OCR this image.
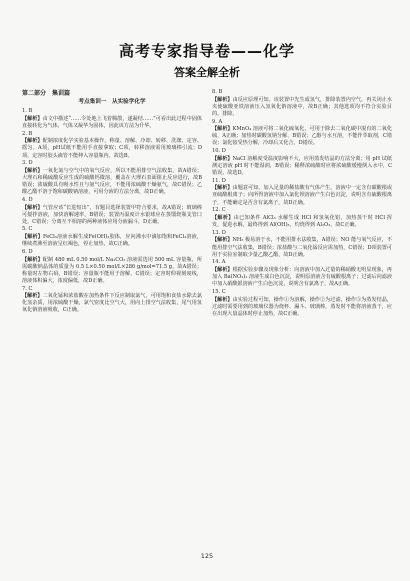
高考专家指导卷——化学
答案全解全析
第二部分　集训篇
考点集训一　从实验学化学

1. B

【解析】由文中描述“……令处地上飞着腾散，遂凝结……”可看出此过程中固体直接转化为气体，气体又凝华为固体，因此该方法为升华。

2. B

【解析】配制浓度化学实验基本操作，称量、溶解、冷却、转移、洗涤、定容、摇匀。A项，pH试纸不能用手直接拿取；C项，转移溶液需用玻璃棒引流；D项，定容时胶头滴管不能伸入容量瓶内，故选B。

3. D

【解析】一氧化氮与空气中的氧气反应，所以不能用排空气法收集，故A错误；大理石和稀硫酸反应生成的硫酸钙微溶，覆盖在大理石表面阻止反应进行，故B错误；浓硫酸具有吸水性且与氨气反应，不能用浓硫酸干燥氨气，故C错误；乙酸乙酯不溶于饱和碳酸钠溶液，可用分液的方法分离，故D正确。

4. D

【解析】气管应该“长进短出”，有题目选择装置甲符合要求，故A错误；玻璃棒可搅拌溶液，加快溶解速率，B错误；装置丙温度计水银球应在蒸馏烧瓶支管口处，C错误；分离互不相溶的两种液体应用分液漏斗，D正确。

5. C

【解析】FeCl₃溶液水解生成Fe(OH)₃胶体，应向沸水中滴加饱和FeCl₃溶液，继续煮沸至溶液呈红褐色，停止加热，故C正确。

6. D

【解析】配制 480 mL 0.50 mol/L Na₂CO₃ 溶液需选用 500 mL 容量瓶，所需碳酸钠晶体的质量为 0.5 L×0.50 mol/L×286 g/mol=71.5 g，故A错误；称量时左物右码，B错误；容量瓶不能用于溶解，C错误；定容时仰视刻度线，溶液体积偏大，浓度偏低，故D正确。

7. C

【解析】二氧化锰和浓盐酸在加热条件下反应制取氯气，可用饱和食盐水除去氯化氢杂质，用浓硫酸干燥，氯气密度比空气大，用向上排空气法收集，尾气用氢氧化钠溶液吸收，C正确。

8. B

【解析】由反应原理可知，该装置中先生成氢气，排除装置内空气，再关闭止水夹使硫酸亚铁溶液压入氢氧化钠溶液中，故B正确；其他选项均不符合实验目的，排除。

9. A

【解析】KMnO₄ 溶液可将二氧化硫氧化，可用于除去二氧化碳中混有的二氧化硫，A正确；加热时碳酸氢钠分解，B错误；乙醇与水互溶，不能作萃取剂，C错误；氯化铵受热分解，冷却后又化合，D错误。

10. D

【解析】NaCl 溶解度受温度影响不大，应用蒸发结晶的方法分离；用 pH 试纸测定溶液 pH 时不能湿润，B错误；稀释浓硫酸时应将浓硫酸缓慢倒入水中，C错误，故选D。

11. D

【解析】由题意可知，加入足量的稀盐酸有气体产生，溶液中一定含有碳酸根或亚硫酸根离子；向所得溶液中加入氯化钡溶液产生白色沉淀，说明含有硫酸根离子，不能确定是否含有氯离子，故D正确。

12. C

【解析】由已知条件 AlCl₃ 水解生成 HCl 和氢氧化铝，加热蒸干时 HCl 挥发，促进水解，最终得到 Al(OH)₃，灼烧得到 Al₂O₃，故C正确。

13. D

【解析】NH₃ 极易溶于水，不能用排水法收集，A错误；NO 能与氧气反应，不能用排空气法收集，B错误；浓盐酸与二氧化锰反应需加热，C错误；D项装置可用于实验室制取少量乙酸乙酯，故D正确。

14. A

【解析】根据实验步骤及现象分析：向溶液中加入过量的稀硝酸无明显现象，再加入 Ba(NO₃)₂ 溶液生成白色沉淀，说明原溶液含有硫酸根离子；过滤后向滤液中加入硝酸银溶液产生白色沉淀，说明含有氯离子，故A正确。

15. C

【解析】由实验过程可知，操作①为溶解，操作②为过滤，操作③为蒸发结晶，过滤时需要用到的玻璃仪器为烧杯、漏斗、玻璃棒，蒸发时不能将溶液蒸干，应在出现大量晶体时停止加热，故C正确。

125
